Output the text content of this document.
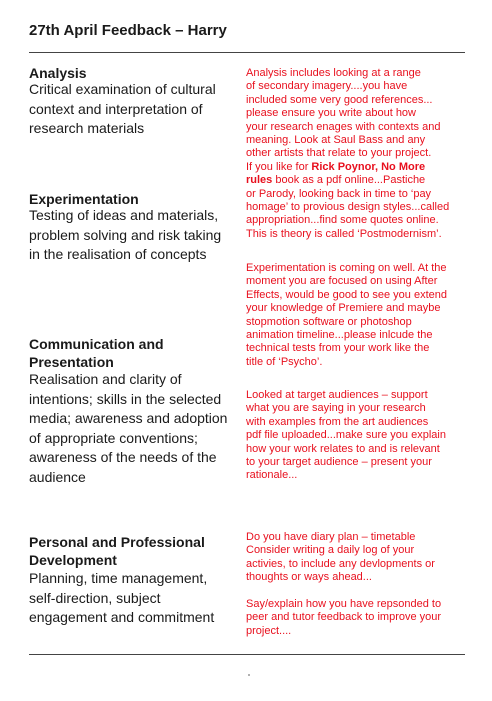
27th April Feedback – Harry
Analysis
Critical examination of cultural
context and interpretation of
research materials
Analysis includes looking at a range
of secondary imagery....you have
included some very good references...
please ensure you write about how
your research enages with contexts and
meaning. Look at Saul Bass and any
other artists that relate to your project.
If you like for Rick Poynor, No More
rules book as a pdf online...Pastiche
or Parody, looking back in time to ‘pay
homage’ to provious design styles...called
appropriation...find some quotes online.
This is theory is called ‘Postmodernism’.
Experimentation
Testing of ideas and materials,
problem solving and risk taking
in the realisation of concepts
Experimentation is coming on well. At the
moment you are focused on using After
Effects, would be good to see you extend
your knowledge of Premiere and maybe
stopmotion software or photoshop
animation timeline...please inlcude the
technical tests from your work like the
title of ‘Psycho’.
Communication and
Presentation
Realisation and clarity of
intentions; skills in the selected
media; awareness and adoption
of appropriate conventions;
awareness of the needs of the
audience
Looked at target audiences – support
what you are saying in your research
with examples from the art audiences
pdf file uploaded...make sure you explain
how your work relates to and is relevant
to your target audience – present your
rationale...
Personal and Professional
Development
Planning, time management,
self-direction, subject
engagement and commitment
Do you have diary plan – timetable
Consider writing a daily log of your
activies, to include any devlopments or
thoughts or ways ahead...
Say/explain how you have repsonded to
peer and tutor feedback to improve your
project....
